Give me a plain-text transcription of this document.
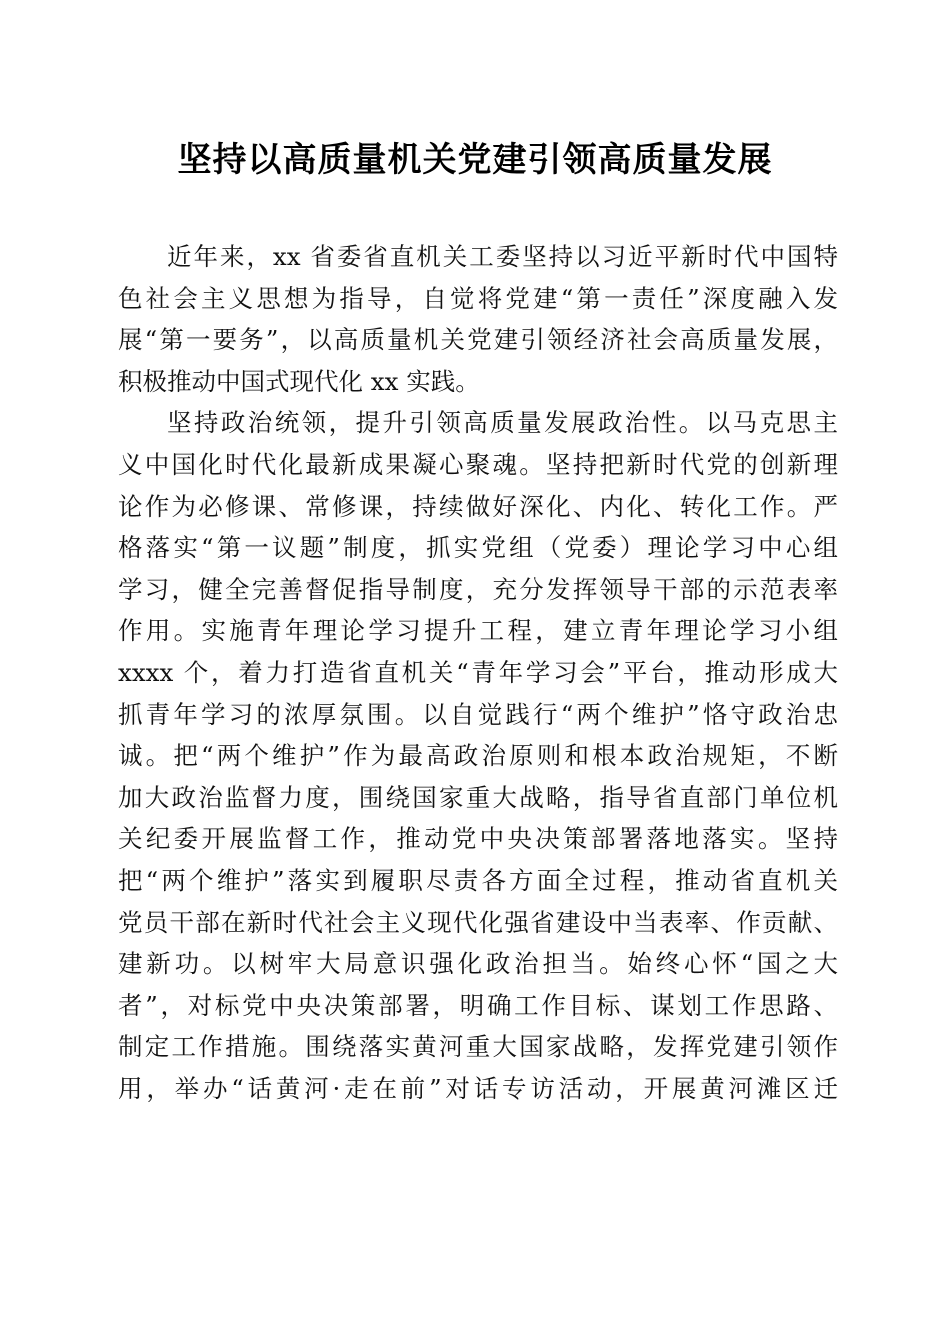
坚持以高质量机关党建引领高质量发展
近年来，xx 省委省直机关工委坚持以习近平新时代中国特
色社会主义思想为指导，自觉将党建“第一责任”深度融入发
展“第一要务”，以高质量机关党建引领经济社会高质量发展，
积极推动中国式现代化 xx 实践。
坚持政治统领，提升引领高质量发展政治性。以马克思主
义中国化时代化最新成果凝心聚魂。坚持把新时代党的创新理
论作为必修课、常修课，持续做好深化、内化、转化工作。严
格落实“第一议题”制度，抓实党组（党委）理论学习中心组
学习，健全完善督促指导制度，充分发挥领导干部的示范表率
作用。实施青年理论学习提升工程，建立青年理论学习小组
xxxx 个，着力打造省直机关“青年学习会”平台，推动形成大
抓青年学习的浓厚氛围。以自觉践行“两个维护”恪守政治忠
诚。把“两个维护”作为最高政治原则和根本政治规矩，不断
加大政治监督力度，围绕国家重大战略，指导省直部门单位机
关纪委开展监督工作，推动党中央决策部署落地落实。坚持
把“两个维护”落实到履职尽责各方面全过程，推动省直机关
党员干部在新时代社会主义现代化强省建设中当表率、作贡献、
建新功。以树牢大局意识强化政治担当。始终心怀“国之大
者”，对标党中央决策部署，明确工作目标、谋划工作思路、
制定工作措施。围绕落实黄河重大国家战略，发挥党建引领作
用，举办“话黄河·走在前”对话专访活动，开展黄河滩区迁
